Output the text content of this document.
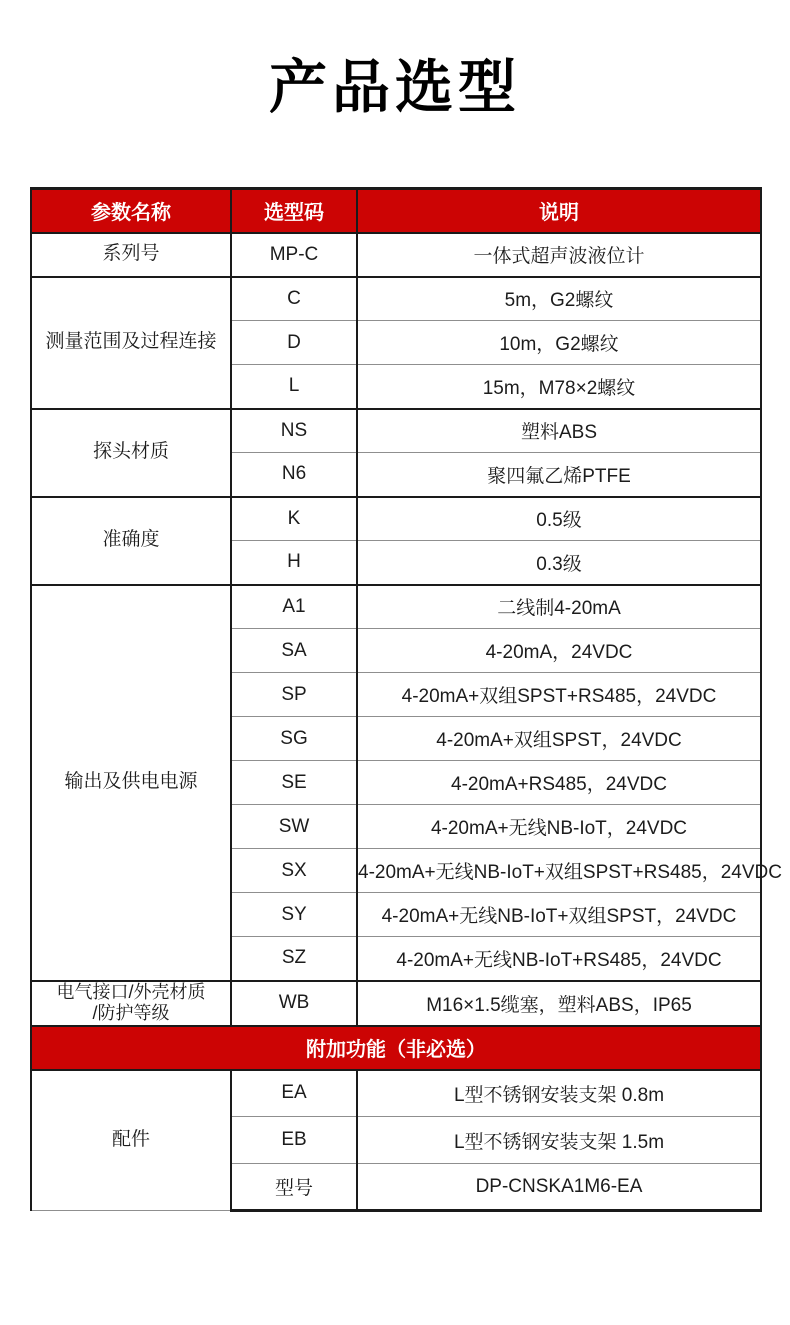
产品选型
参数名称	选型码	说明

系列号	MP-C	一体式超声波液位计

测量范围及过程连接	C	5m，G2螺纹
	D	10m，G2螺纹
	L	15m，M78×2螺纹

探头材质	NS	塑料ABS
	N6	聚四氟乙烯PTFE

准确度	K	0.5级
	H	0.3级

输出及供电电源	A1	二线制4-20mA
	SA	4-20mA，24VDC
	SP	4-20mA+双组SPST+RS485，24VDC
	SG	4-20mA+双组SPST，24VDC
	SE	4-20mA+RS485，24VDC
	SW	4-20mA+无线NB-IoT，24VDC
	SX	4-20mA+无线NB-IoT+双组SPST+RS485，24VDC
	SY	4-20mA+无线NB-IoT+双组SPST，24VDC
	SZ	4-20mA+无线NB-IoT+RS485，24VDC

电气接口/外壳材质
/防护等级	WB	M16×1.5缆塞，塑料ABS，IP65
附加功能（非必选）		

配件	EA	L型不锈钢安装支架 0.8m
	EB	L型不锈钢安装支架 1.5m
	型号	DP-CNSKA1M6-EA
